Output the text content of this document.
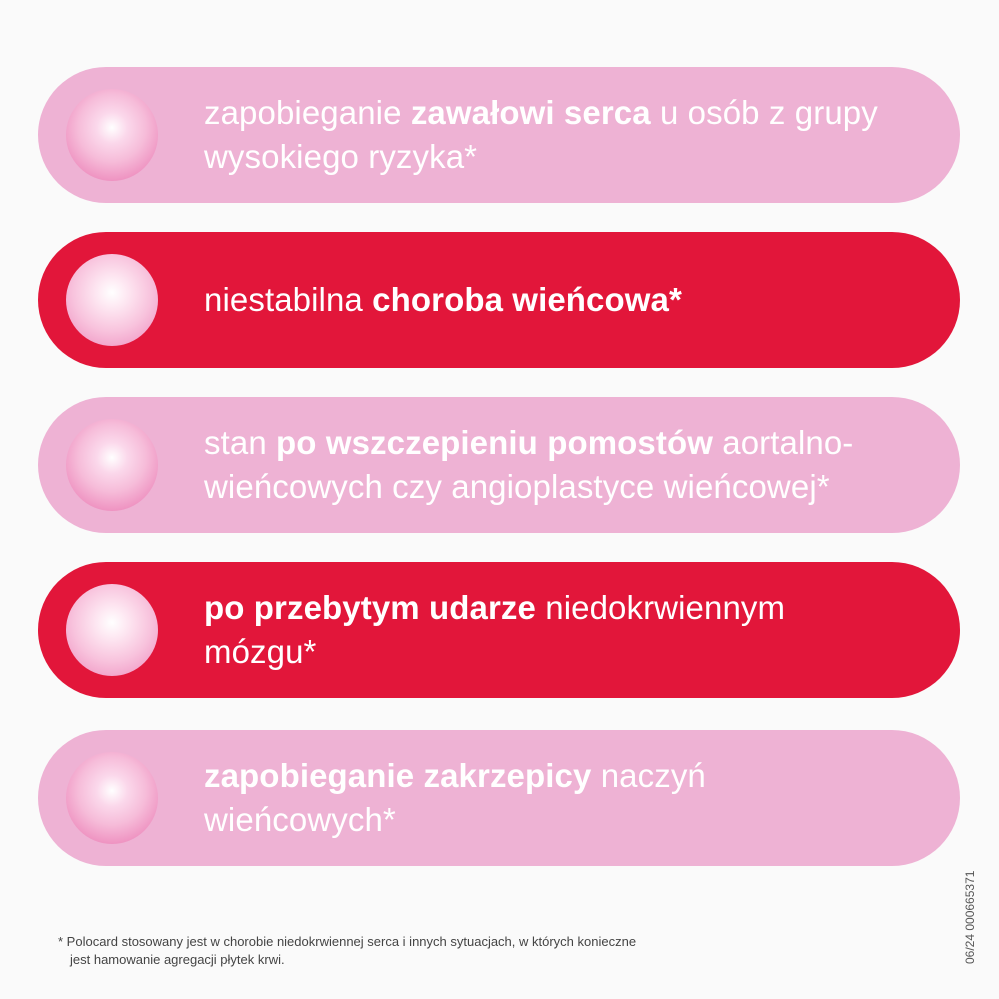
zapobieganie zawałowi serca u osób z grupy wysokiego ryzyka*
niestabilna choroba wieńcowa*
stan po wszczepieniu pomostów aortalno-wieńcowych czy angioplastyce wieńcowej*
po przebytym udarze niedokrwiennym mózgu*
zapobieganie zakrzepicy naczyń wieńcowych*
* Polocard stosowany jest w chorobie niedokrwiennej serca i innych sytuacjach, w których konieczne
jest hamowanie agregacji płytek krwi.	06/24 000665371
